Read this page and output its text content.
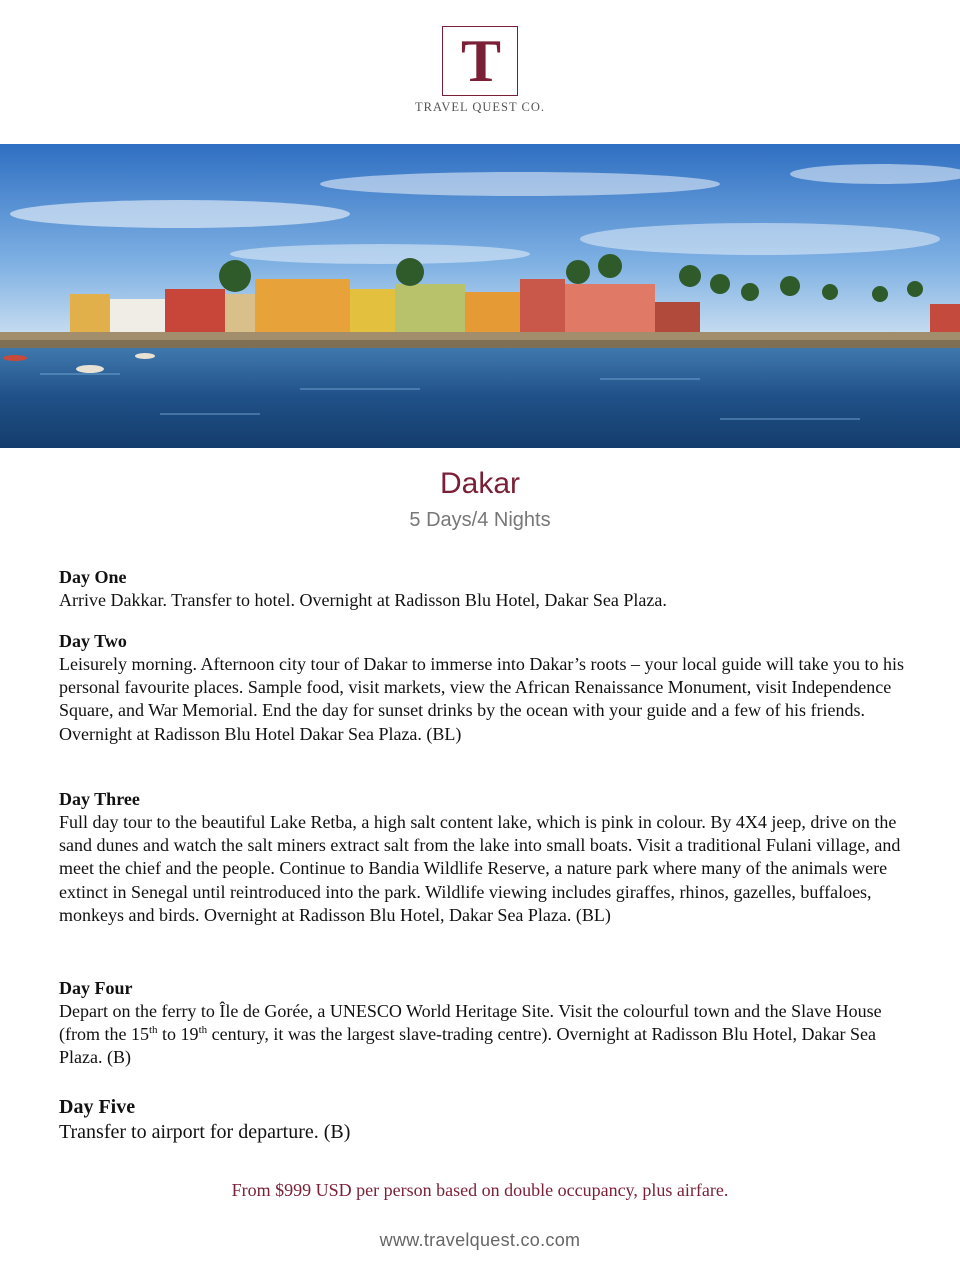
T
TRAVEL QUEST CO.
Dakar
5 Days/4 Nights
Day One
Arrive Dakkar. Transfer to hotel. Overnight at Radisson Blu Hotel, Dakar Sea Plaza.
Day Two
Leisurely morning. Afternoon city tour of Dakar to immerse into Dakar’s roots – your local guide will take you to his personal favourite places. Sample food, visit markets, view the African Renaissance Monument, visit Independence Square, and War Memorial. End the day for sunset drinks by the ocean with your guide and a few of his friends. Overnight at Radisson Blu Hotel Dakar Sea Plaza. (BL)
Day Three
Full day tour to the beautiful Lake Retba, a high salt content lake, which is pink in colour. By 4X4 jeep, drive on the sand dunes and watch the salt miners extract salt from the lake into small boats. Visit a traditional Fulani village, and meet the chief and the people. Continue to Bandia Wildlife Reserve, a nature park where many of the animals were extinct in Senegal until reintroduced into the park. Wildlife viewing includes giraffes, rhinos, gazelles, buffaloes, monkeys and birds. Overnight at Radisson Blu Hotel, Dakar Sea Plaza. (BL)
Day Four
Depart on the ferry to Île de Gorée, a UNESCO World Heritage Site. Visit the colourful town and the Slave House (from the 15th to 19th century, it was the largest slave-trading centre). Overnight at Radisson Blu Hotel, Dakar Sea Plaza. (B)
Day Five
Transfer to airport for departure. (B)
From $999 USD per person based on double occupancy, plus airfare.
www.travelquest.co.com
